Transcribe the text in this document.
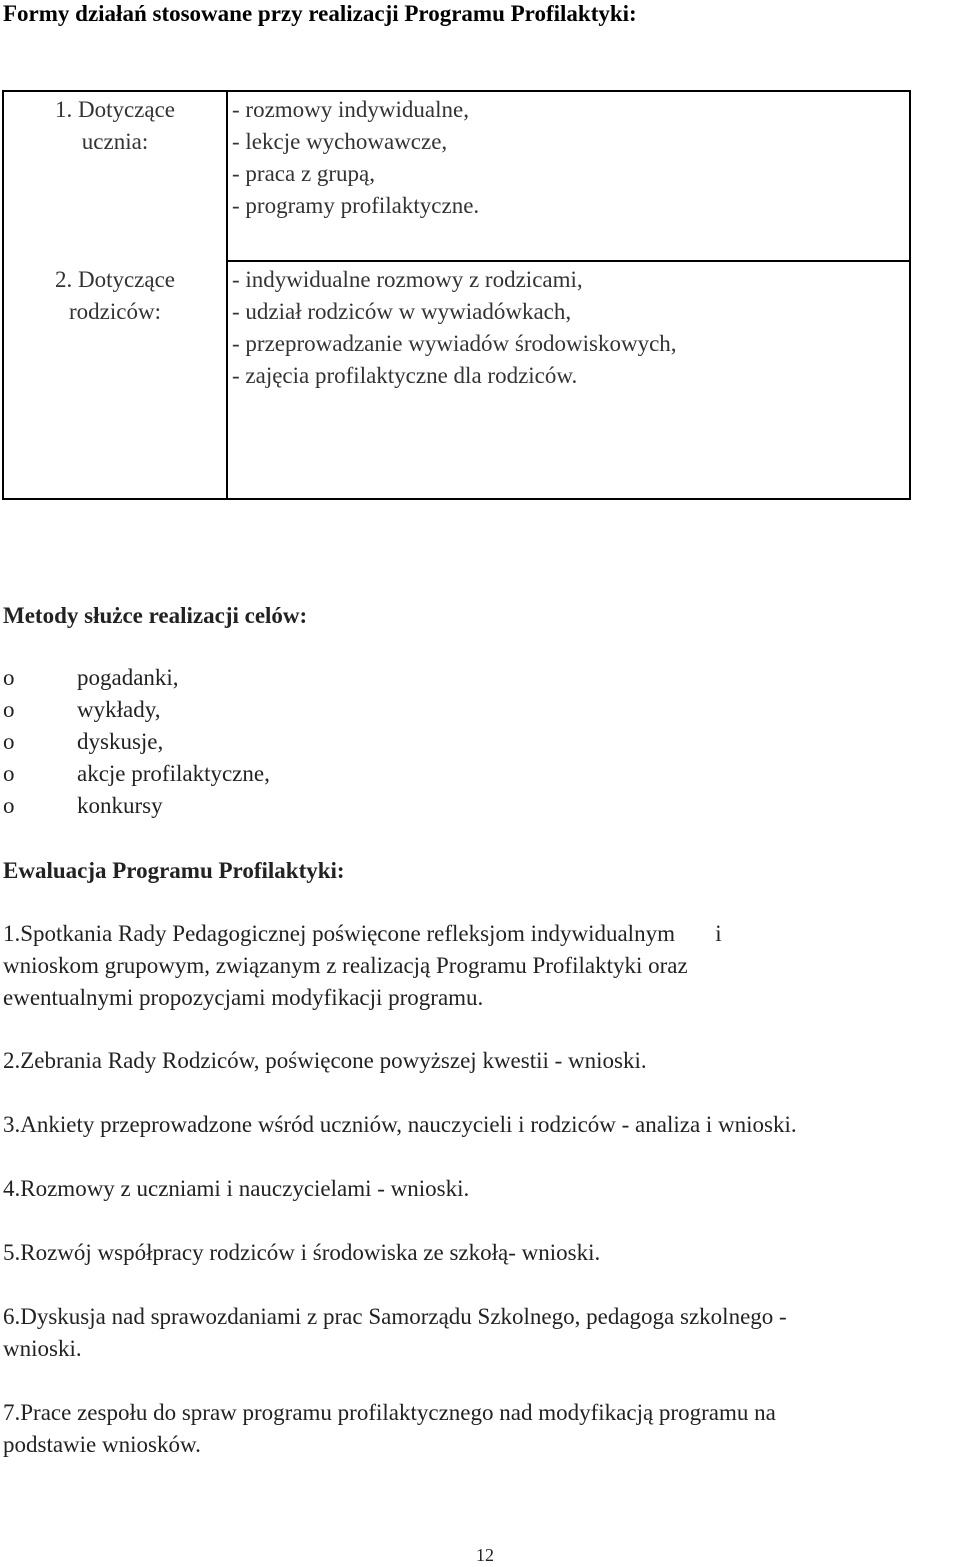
Formy działań stosowane przy realizacji Programu Profilaktyki:
1. Dotyczące
ucznia:
- rozmowy indywidualne,
- lekcje wychowawcze,
- praca z grupą,
- programy profilaktyczne.
2. Dotyczące
rodziców:
- indywidualne rozmowy z rodzicami,
- udział rodziców w wywiadówkach,
- przeprowadzanie wywiadów środowiskowych,
- zajęcia profilaktyczne dla rodziców.
Metody służce realizacji celów:
o	pogadanki,
o	wykłady,
o	dyskusje,
o	akcje profilaktyczne,
o	konkursy
Ewaluacja Programu Profilaktyki:
1.Spotkania Rady Pedagogicznej poświęcone refleksjom indywidualnym       i
wnioskom grupowym, związanym z realizacją Programu Profilaktyki oraz
ewentualnymi propozycjami modyfikacji programu.
2.Zebrania Rady Rodziców, poświęcone powyższej kwestii - wnioski.
3.Ankiety przeprowadzone wśród uczniów, nauczycieli i rodziców - analiza i wnioski.
4.Rozmowy z uczniami i nauczycielami - wnioski.
5.Rozwój współpracy rodziców i środowiska ze szkołą- wnioski.
6.Dyskusja nad sprawozdaniami z prac Samorządu Szkolnego, pedagoga szkolnego -
wnioski.
7.Prace zespołu do spraw programu profilaktycznego nad modyfikacją programu na
podstawie wniosków.
12
